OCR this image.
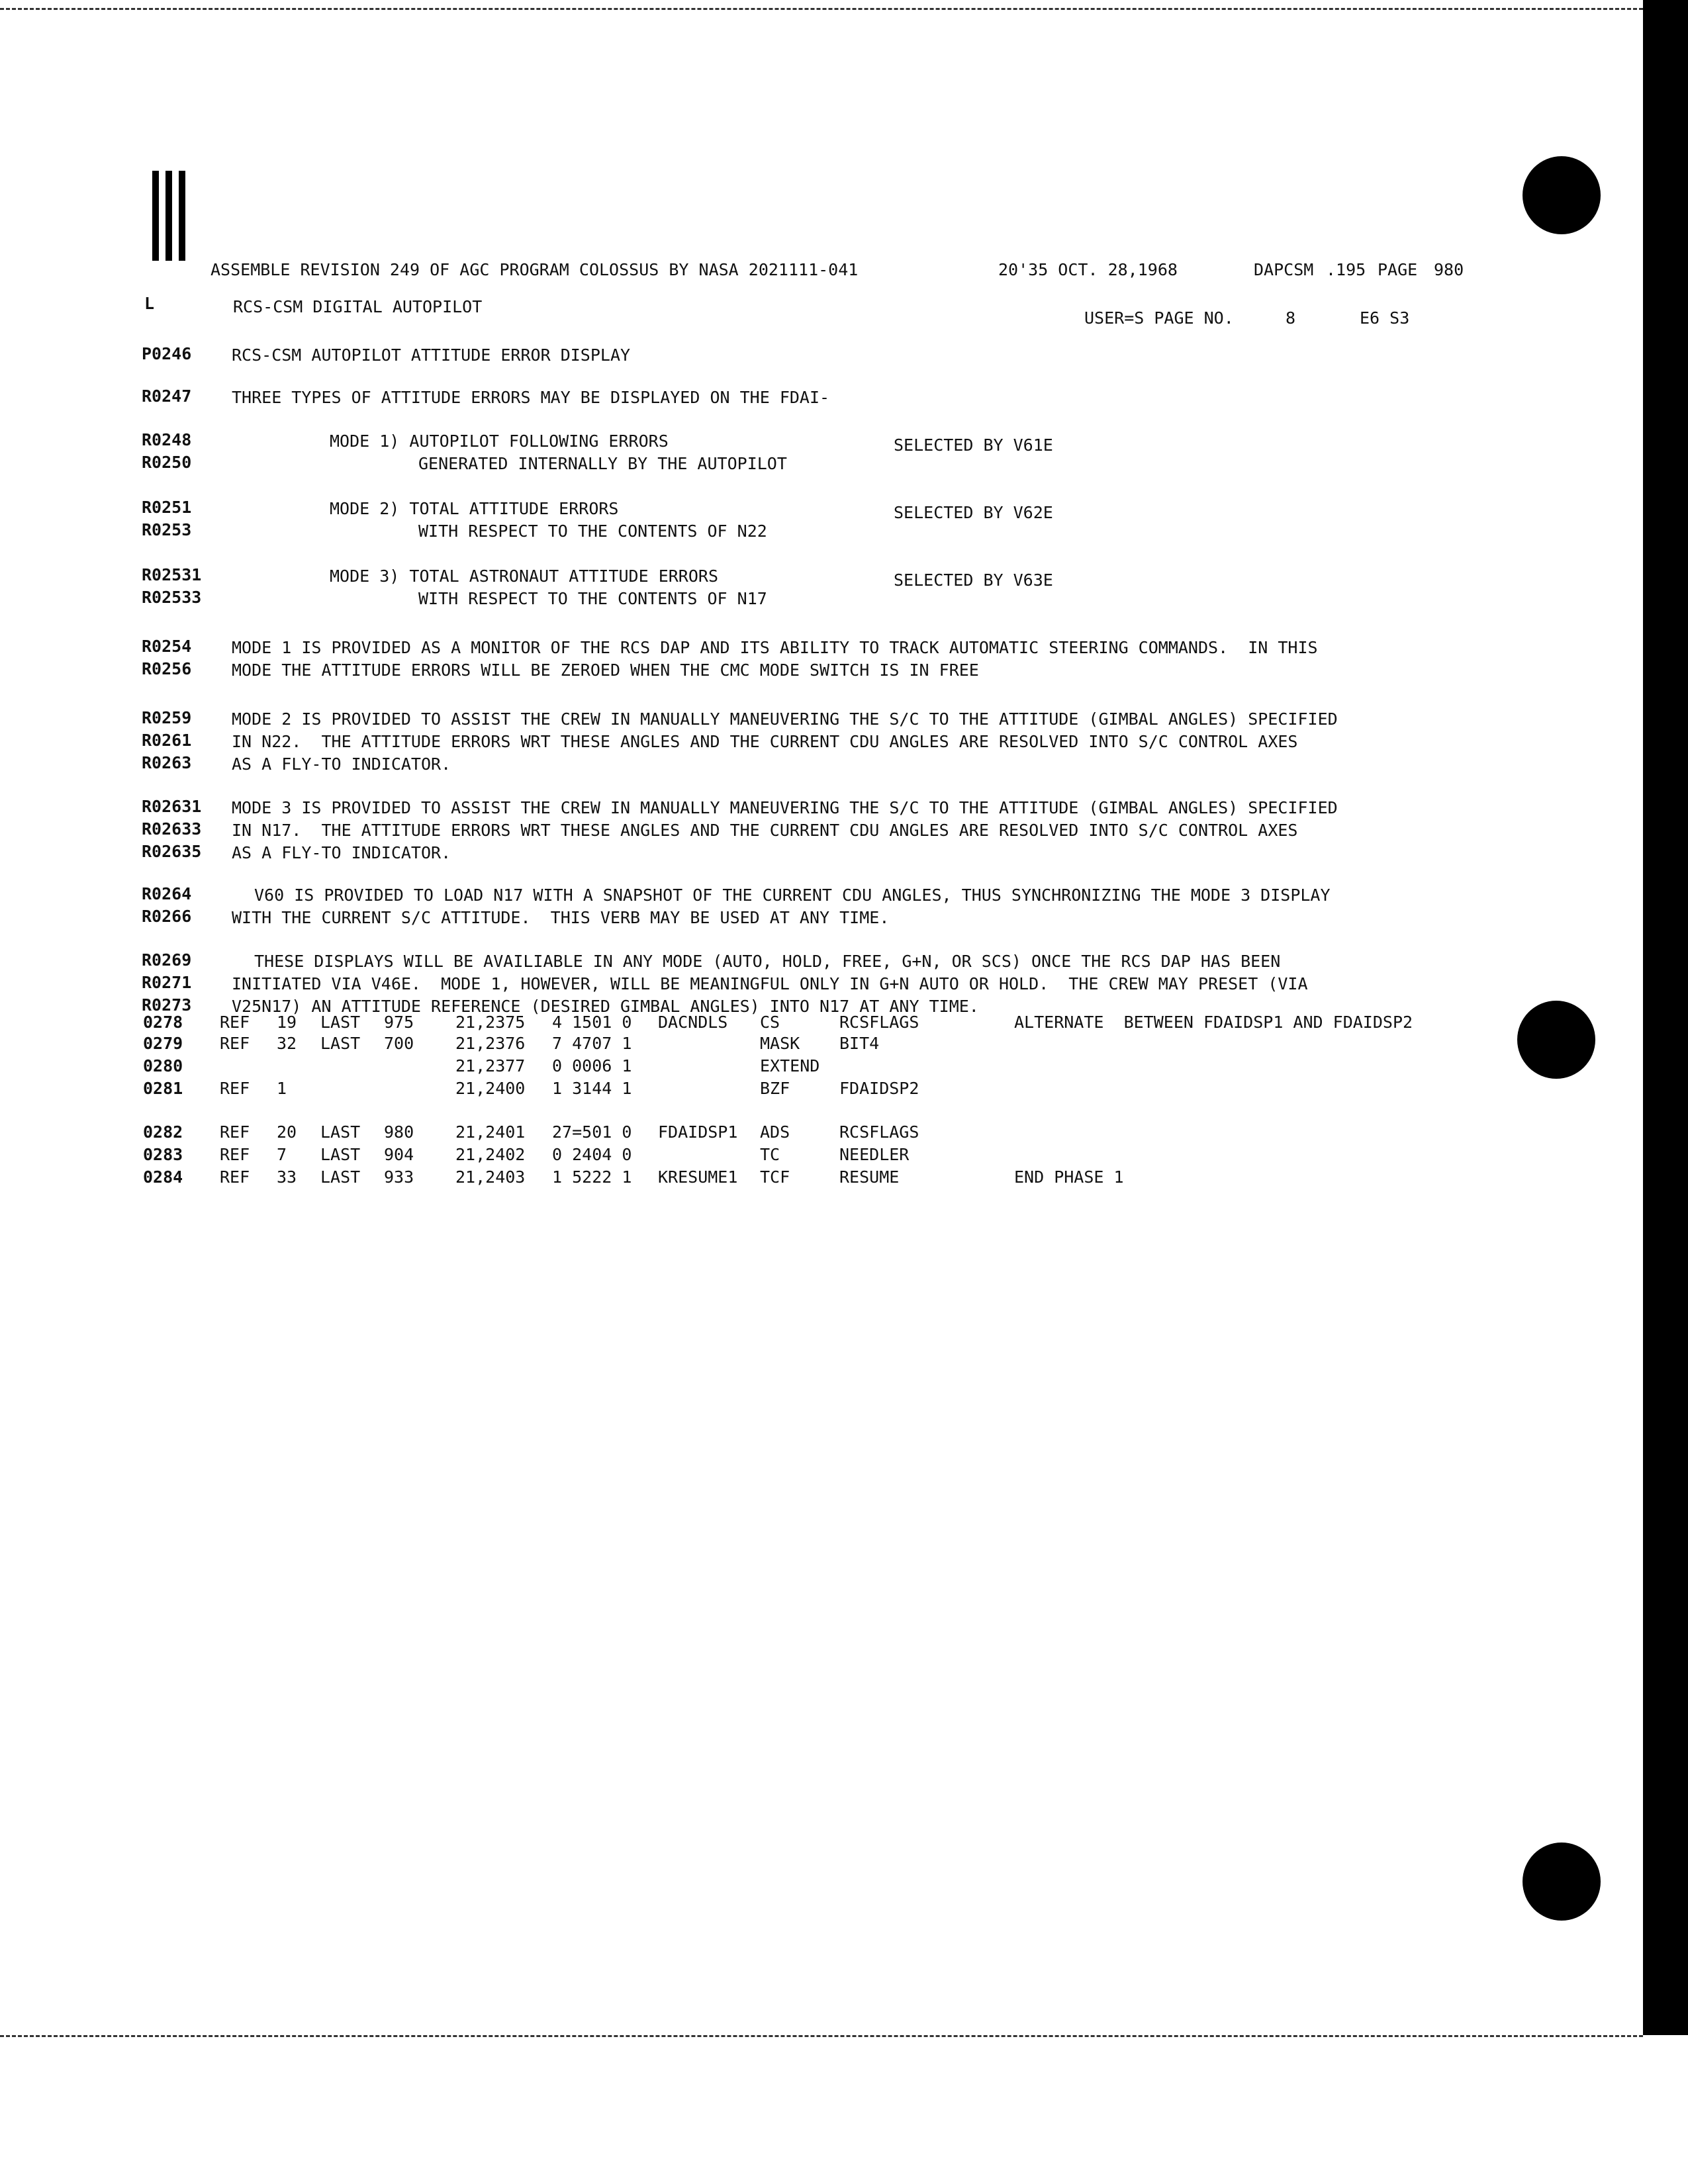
ASSEMBLE REVISION 249 OF AGC PROGRAM COLOSSUS BY NASA 2021111-041	20'35 OCT. 28,1968	DAPCSM .195 PAGE 980
L	RCS-CSM DIGITAL AUTOPILOT
USER=S PAGE NO.	8	E6 S3
P0246 RCS-CSM AUTOPILOT ATTITUDE ERROR DISPLAY
R0247 THREE TYPES OF ATTITUDE ERRORS MAY BE DISPLAYED ON THE FDAI-
R0248	MODE 1) AUTOPILOT FOLLOWING ERRORS	SELECTED BY V61E
R0250	GENERATED INTERNALLY BY THE AUTOPILOT
R0251	MODE 2) TOTAL ATTITUDE ERRORS	SELECTED BY V62E
R0253	WITH RESPECT TO THE CONTENTS OF N22
R02531	MODE 3) TOTAL ASTRONAUT ATTITUDE ERRORS	SELECTED BY V63E
R02533	WITH RESPECT TO THE CONTENTS OF N17
R0254 MODE 1 IS PROVIDED AS A MONITOR OF THE RCS DAP AND ITS ABILITY TO TRACK AUTOMATIC STEERING COMMANDS.  IN THIS
R0256 MODE THE ATTITUDE ERRORS WILL BE ZEROED WHEN THE CMC MODE SWITCH IS IN FREE
R0259 MODE 2 IS PROVIDED TO ASSIST THE CREW IN MANUALLY MANEUVERING THE S/C TO THE ATTITUDE (GIMBAL ANGLES) SPECIFIED
R0261 IN N22.  THE ATTITUDE ERRORS WRT THESE ANGLES AND THE CURRENT CDU ANGLES ARE RESOLVED INTO S/C CONTROL AXES
R0263 AS A FLY-TO INDICATOR.
R02631 MODE 3 IS PROVIDED TO ASSIST THE CREW IN MANUALLY MANEUVERING THE S/C TO THE ATTITUDE (GIMBAL ANGLES) SPECIFIED
R02633 IN N17.  THE ATTITUDE ERRORS WRT THESE ANGLES AND THE CURRENT CDU ANGLES ARE RESOLVED INTO S/C CONTROL AXES
R02635 AS A FLY-TO INDICATOR.
R0264	V60 IS PROVIDED TO LOAD N17 WITH A SNAPSHOT OF THE CURRENT CDU ANGLES, THUS SYNCHRONIZING THE MODE 3 DISPLAY
R0266 WITH THE CURRENT S/C ATTITUDE.  THIS VERB MAY BE USED AT ANY TIME.
R0269	THESE DISPLAYS WILL BE AVAILIABLE IN ANY MODE (AUTO, HOLD, FREE, G+N, OR SCS) ONCE THE RCS DAP HAS BEEN
R0271 INITIATED VIA V46E.  MODE 1, HOWEVER, WILL BE MEANINGFUL ONLY IN G+N AUTO OR HOLD.  THE CREW MAY PRESET (VIA
R0273 V25N17) AN ATTITUDE REFERENCE (DESIRED GIMBAL ANGLES) INTO N17 AT ANY TIME.
0278 REF 19 LAST 975	21,2375 4 1501 0 DACNDLS CS	RCSFLAGS	ALTERNATE  BETWEEN FDAIDSP1 AND FDAIDSP2
0279 REF 32 LAST 700	21,2376 7 4707 1	MASK BIT4
0280	21,2377 0 0006 1	EXTEND
0281 REF 1	21,2400 1 3144 1	BZF	FDAIDSP2
0282 REF 20 LAST 980	21,2401 27=501 0 FDAIDSP1 ADS	RCSFLAGS
0283 REF 7 LAST 904	21,2402 0 2404 0	TC	NEEDLER
0284 REF 33 LAST 933	21,2403 1 5222 1 KRESUME1 TCF	RESUME	END PHASE 1
